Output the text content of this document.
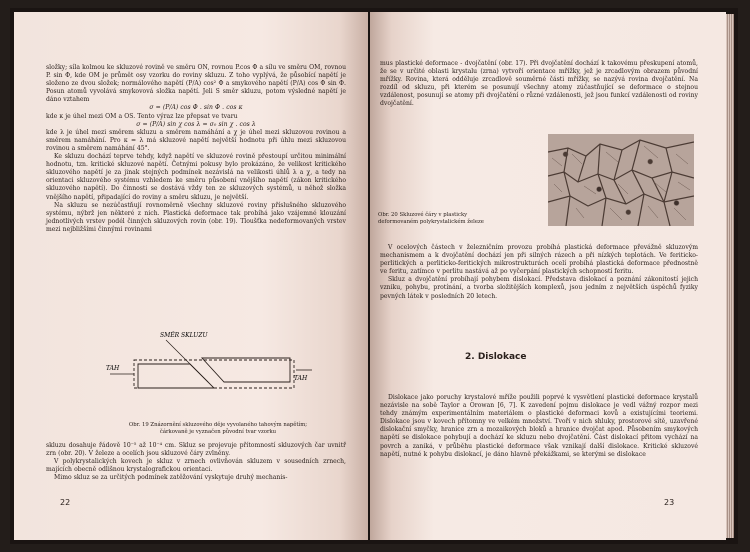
složky; síla kolmou ke skluzové rovině ve směru ON, rovnou P.cos Φ a sílu ve směru OM, rovnou P. sin Φ, kde OM je průmět osy vzorku do roviny skluzu. Z toho vyplývá, že působící napětí je složeno ze dvou složek; normálového napětí (P/A) cos² Φ a smykového napětí (P/A) cos Φ sin Φ. Posun atomů vyvolává smykovová složka napětí. Jeli S směr skluzu, potom výsledné napětí je dáno vztahem

σ = (P/A) cos Φ . sin Φ . cos κ

kde κ je úhel mezi OM a OS. Tento výraz lze přepsat ve tvaru

σ = (P/A) sin χ cos λ = σ₀ sin χ . cos λ

kde λ je úhel mezi směrem skluzu a směrem namáhání a χ je úhel mezi skluzovou rovinou a směrem namáhání. Pro κ = λ má skluzové napětí největší hodnotu při úhlu mezi skluzovou rovinou a směrem namáhání 45°.

Ke skluzu dochází teprve tehdy, když napětí ve skluzové rovině přestoupí určitou minimální hodnotu, tzn. kritické skluzové napětí. Četnými pokusy bylo prokázáno, že velikost kritického skluzového napětí je za jinak stejných podmínek nezávislá na velikosti úhlů λ a χ, a tedy na orientaci skluzového systému vzhledem ke směru působení vnějšího napětí (zákon kritického skluzového napětí). Do činnosti se dostává vždy ten ze skluzových systémů, u něhož složka vnějšího napětí, připadající do roviny a směru skluzu, je největší.

Na skluzu se nezúčastňují rovnoměrně všechny skluzové roviny příslušného skluzového systému, nýbrž jen některé z nich. Plastická deformace tak probíhá jako vzájemné klouzání jednotlivých vrstev podél činných skluzových rovin (obr. 19). Tloušťka nedeformovaných vrstev mezi nejbližšími činnými rovinami

SMĚR SKLUZU
TAH
TAH
Obr. 19 Znázornění skluzového děje vyvolaného tahovým napětím; čárkovaně je vyznačen původní tvar vzorku

skluzu dosahuje řádově 10⁻⁵ až 10⁻⁴ cm. Skluz se projevuje přítomností skluzových čar uvnitř zrn (obr. 20). V železe a ocelích jsou skluzové čáry zvlněny.

V polykrystalických kovech je skluz v zrnech ovlivňován skluzem v sousedních zrnech, majících obecně odlišnou krystalografickou orientaci.

Mimo skluz se za určitých podmínek zatěžování vyskytuje druhý mechanis-

22

mus plastické deformace - dvojčatění (obr. 17). Při dvojčatění dochází k takovému přeskupení atomů, že se v určité oblasti krystalu (zrna) vytvoří orientace mřížky, jež je zrcadlovým obrazem původní mřížky. Rovina, která odděluje zrcadlově souměrné části mřížky, se nazývá rovina dvojčatění. Na rozdíl od skluzu, při kterém se posunují všechny atomy zúčastňující se deformace o stejnou vzdálenost, posunují se atomy při dvojčatění o různé vzdálenosti, jež jsou funkcí vzdálenosti od roviny dvojčatění.

Obr. 20 Skluzové čáry v plasticky deformovaném polykrystalickém železe

V ocelových částech v železničním provozu probíhá plastická deformace převážně skluzovým mechanismem a k dvojčatění dochází jen při silných rázech a při nízkých teplotách. Ve feriticko-perlitických a perliticko-feritických mikrostrukturách ocelí probíhá plastická deformace přednostně ve feritu, zatímco v perlitu nastává až po vyčerpání plastických schopností feritu.

Skluz a dvojčatění probíhají pohybem dislokací. Představa dislokací a poznání zákonitostí jejich vzniku, pohybu, protínání, a tvorba složitějších komplexů, jsou jedním z největších úspěchů fyziky pevných látek v posledních 20 letech.

2. Dislokace

Dislokace jako poruchy krystalové mříže použili poprvé k vysvětlení plastické deformace krystalů nezávisle na sobě Taylor a Orowan [6, 7]. K zavedení pojmu dislokace je vedl vážný rozpor mezi tehdy známým experimentálním materiálem o plastické deformaci kovů a existujícími teoriemi. Dislokace jsou v kovech přítomny ve velkém množství. Tvoří v nich shluky, prostorové sítě, uzavřené dislokační smyčky, hranice zrn a mozaikových bloků a hranice dvojčat apod. Působením smykových napětí se dislokace pohybují a dochází ke skluzu nebo dvojčatění. Část dislokací přitom vychází na povrch a zaniká, v průběhu plastické deformace však vznikají další dislokace. Kritické skluzové napětí, nutné k pohybu dislokací, je dáno hlavně překážkami, se kterými se dislokace

23
